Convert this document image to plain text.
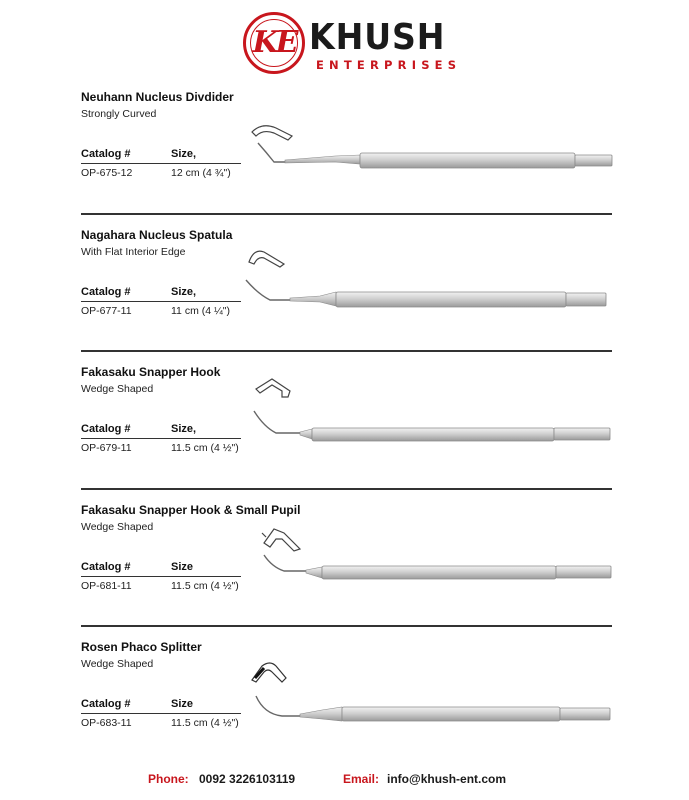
KE KHUSH
ENTERPRISES
Neuhann Nucleus Divdider
Strongly Curved
Catalog #	Size,
OP-675-12	12 cm (4 ¾")
Nagahara Nucleus Spatula
With Flat Interior Edge
Catalog #	Size,
OP-677-11	11 cm (4 ¼")
Fakasaku Snapper Hook
Wedge Shaped
Catalog #	Size,
OP-679-11	11.5 cm (4 ½")
Fakasaku Snapper Hook & Small Pupil
Wedge Shaped
Catalog #	Size
OP-681-11	11.5 cm (4 ½")
Rosen Phaco Splitter
Wedge Shaped
Catalog #	Size
OP-683-11	11.5 cm (4 ½")
Phone: 0092 3226103119	Email: info@khush-ent.com
